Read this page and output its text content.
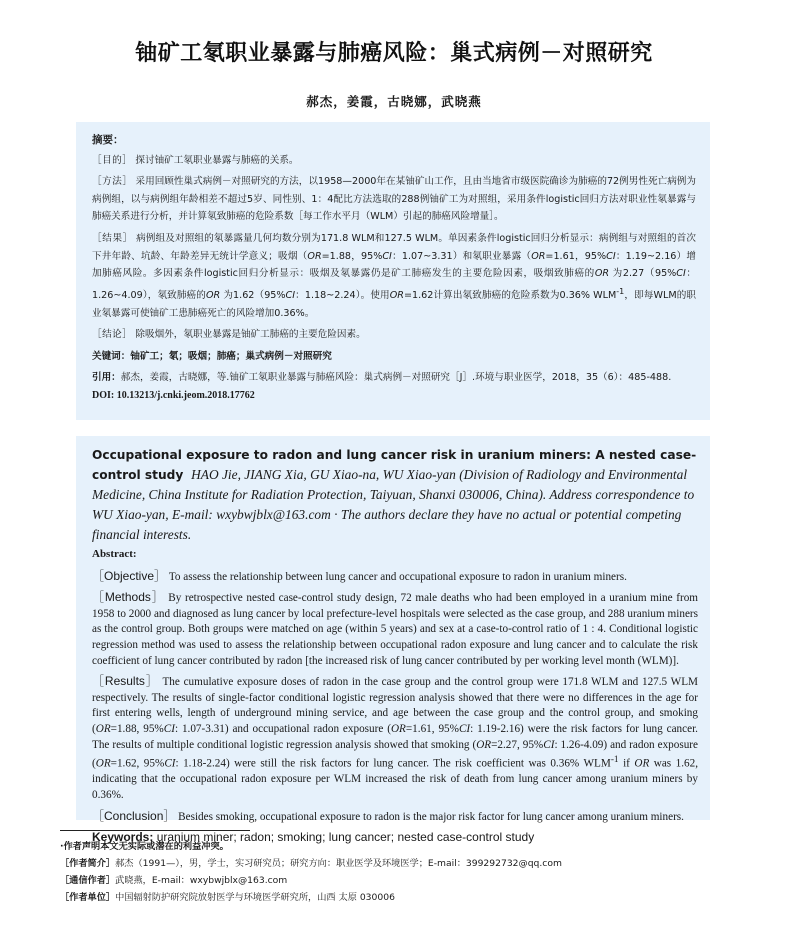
铀矿工氡职业暴露与肺癌风险：巢式病例－对照研究
郝杰，姜霞，古晓娜，武晓燕
摘要：
［目的］ 探讨铀矿工氡职业暴露与肺癌的关系。
［方法］ 采用回顾性巢式病例－对照研究的方法，以1958—2000年在某铀矿山工作，且由当地省市级医院确诊为肺癌的72例男性死亡病例为病例组，以与病例组年龄相差不超过5岁、同性别、1：4配比方法选取的288例铀矿工为对照组，采用条件logistic回归方法对职业性氡暴露与肺癌关系进行分析，并计算氡致肺癌的危险系数［每工作水平月（WLM）引起的肺癌风险增量］。
［结果］ 病例组及对照组的氡暴露量几何均数分别为171.8 WLM和127.5 WLM。单因素条件logistic回归分析显示：病例组与对照组的首次下井年龄、坑龄、年龄差异无统计学意义；吸烟（OR=1.88，95%CI：1.07~3.31）和氡职业暴露（OR=1.61，95%CI：1.19~2.16）增加肺癌风险。多因素条件logistic回归分析显示：吸烟及氡暴露仍是矿工肺癌发生的主要危险因素，吸烟致肺癌的OR 为2.27（95%CI：1.26~4.09），氡致肺癌的OR 为1.62（95%CI：1.18~2.24）。使用OR=1.62计算出氡致肺癌的危险系数为0.36% $WLM^{-1}$，即每WLM的职业氡暴露可使铀矿工患肺癌死亡的风险增加0.36%。
［结论］ 除吸烟外，氡职业暴露是铀矿工肺癌的主要危险因素。
关键词：铀矿工；氡；吸烟；肺癌；巢式病例－对照研究
引用：郝杰，姜霞，古晓娜，等.铀矿工氡职业暴露与肺癌风险：巢式病例－对照研究［J］.环境与职业医学，2018，35（6）：485-488.
DOI: 10.13213/j.cnki.jeom.2018.17762
Occupational exposure to radon and lung cancer risk in uranium miners: A nested case-control study HAO Jie, JIANG Xia, GU Xiao-na, WU Xiao-yan (Division of Radiology and Environmental Medicine, China Institute for Radiation Protection, Taiyuan, Shanxi 030006, China). Address correspondence to WU Xiao-yan, E-mail: wxybwjblx@163.com · The authors declare they have no actual or potential competing financial interests.
Abstract:
［Objective］ To assess the relationship between lung cancer and occupational exposure to radon in uranium miners.
［Methods］ By retrospective nested case-control study design, 72 male deaths who had been employed in a uranium mine from 1958 to 2000 and diagnosed as lung cancer by local prefecture-level hospitals were selected as the case group, and 288 uranium miners as the control group. Both groups were matched on age (within 5 years) and sex at a case-to-control ratio of 1 : 4. Conditional logistic regression method was used to assess the relationship between occupational radon exposure and lung cancer and to calculate the risk coefficient of lung cancer contributed by radon [the increased risk of lung cancer contributed by per working level month (WLM)].
［Results］ The cumulative exposure doses of radon in the case group and the control group were 171.8 WLM and 127.5 WLM respectively. The results of single-factor conditional logistic regression analysis showed that there were no differences in the age for first entering wells, length of underground mining service, and age between the case group and the control group, and smoking (OR=1.88, 95%CI: 1.07-3.31) and occupational radon exposure (OR=1.61, 95%CI: 1.19-2.16) were the risk factors for lung cancer. The results of multiple conditional logistic regression analysis showed that smoking (OR=2.27, 95%CI: 1.26-4.09) and radon exposure (OR=1.62, 95%CI: 1.18-2.24) were still the risk factors for lung cancer. The risk coefficient was 0.36% $WLM^{-1}$ if OR was 1.62, indicating that the occupational radon exposure per WLM increased the risk of death from lung cancer among uranium miners by 0.36%.
［Conclusion］ Besides smoking, occupational exposure to radon is the major risk factor for lung cancer among uranium miners.
Keywords: uranium miner; radon; smoking; lung cancer; nested case-control study
·作者声明本文无实际或潜在的利益冲突。
［作者简介］郝杰（1991—），男，学士，实习研究员；研究方向：职业医学及环境医学；E-mail：399292732@qq.com
［通信作者］武晓燕，E-mail：wxybwjblx@163.com
［作者单位］中国辐射防护研究院放射医学与环境医学研究所，山西 太原 030006
